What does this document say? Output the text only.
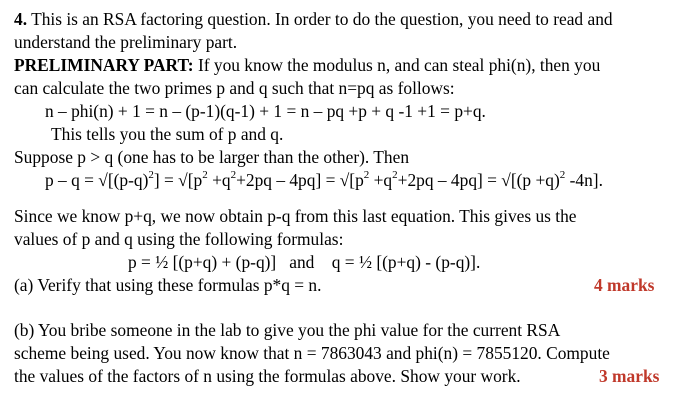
4. This is an RSA factoring question. In order to do the question, you need to read and
understand the preliminary part.
PRELIMINARY PART: If you know the modulus n, and can steal phi(n), then you
can calculate the two primes p and q such that n=pq as follows:
n – phi(n) + 1 = n – (p-1)(q-1) + 1 = n – pq +p + q -1 +1 = p+q.
This tells you the sum of p and q.
Suppose p > q (one has to be larger than the other). Then
$p - q = √[(p-q)^2] = √[p^2 +q^2+2pq - 4pq] = √[p^2 +q^2+2pq - 4pq] = √[(p +q)^2$ -4n].
Since we know p+q, we now obtain p-q from this last equation. This gives us the
values of p and q using the following formulas:
p = ½ [(p+q) + (p-q)]   and    q = ½ [(p+q) - (p-q)].
(a) Verify that using these formulas p*q = n.	4 marks
(b) You bribe someone in the lab to give you the phi value for the current RSA
scheme being used. You now know that n = 7863043 and phi(n) = 7855120. Compute
the values of the factors of n using the formulas above. Show your work.	3 marks
